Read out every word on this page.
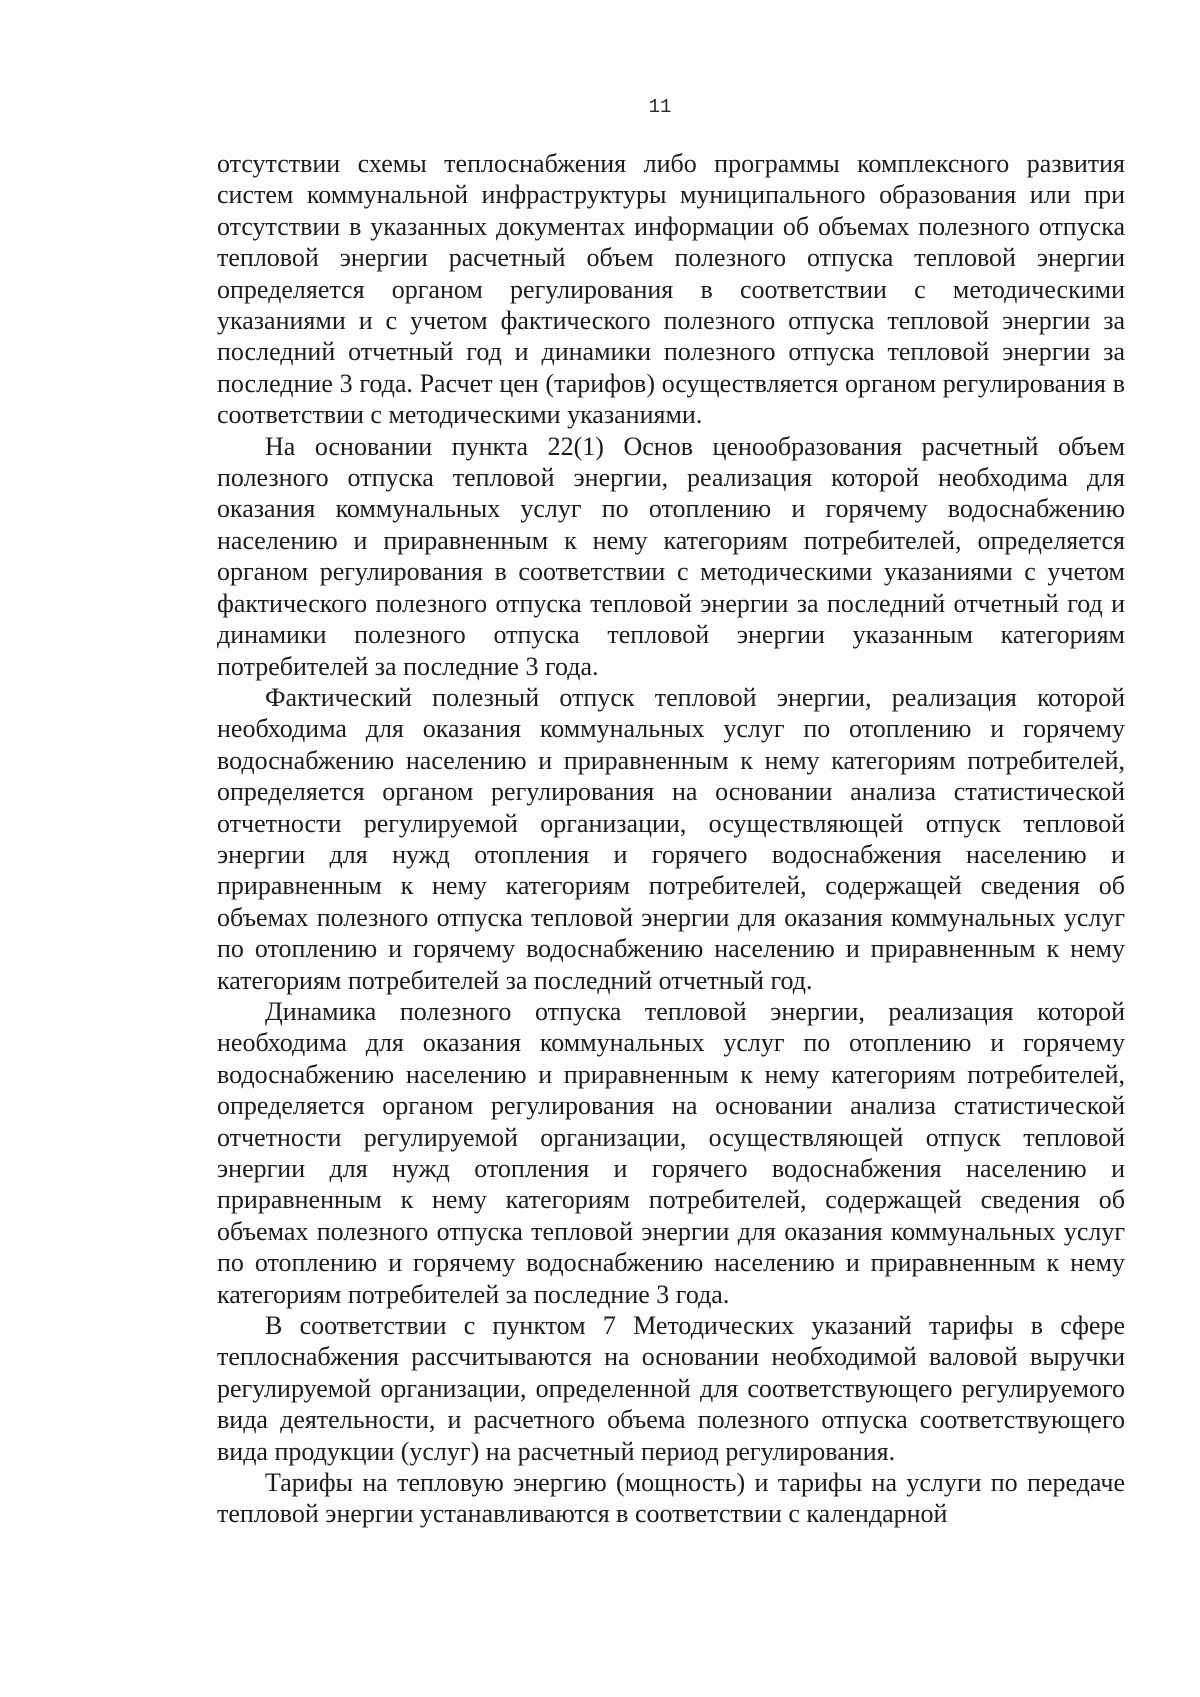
11

отсутствии схемы теплоснабжения либо программы комплексного развития систем коммунальной инфраструктуры муниципального образования или при отсутствии в указанных документах информации об объемах полезного отпуска тепловой энергии расчетный объем полезного отпуска тепловой энергии определяется органом регулирования в соответствии с методическими указаниями и с учетом фактического полезного отпуска тепловой энергии за последний отчетный год и динамики полезного отпуска тепловой энергии за последние 3 года. Расчет цен (тарифов) осуществляется органом регулирования в соответствии с методическими указаниями.

На основании пункта 22(1) Основ ценообразования расчетный объем полезного отпуска тепловой энергии, реализация которой необходима для оказания коммунальных услуг по отоплению и горячему водоснабжению населению и приравненным к нему категориям потребителей, определяется органом регулирования в соответствии с методическими указаниями с учетом фактического полезного отпуска тепловой энергии за последний отчетный год и динамики полезного отпуска тепловой энергии указанным категориям потребителей за последние 3 года.

Фактический полезный отпуск тепловой энергии, реализация которой необходима для оказания коммунальных услуг по отоплению и горячему водоснабжению населению и приравненным к нему категориям потребителей, определяется органом регулирования на основании анализа статистической отчетности регулируемой организации, осуществляющей отпуск тепловой энергии для нужд отопления и горячего водоснабжения населению и приравненным к нему категориям потребителей, содержащей сведения об объемах полезного отпуска тепловой энергии для оказания коммунальных услуг по отоплению и горячему водоснабжению населению и приравненным к нему категориям потребителей за последний отчетный год.

Динамика полезного отпуска тепловой энергии, реализация которой необходима для оказания коммунальных услуг по отоплению и горячему водоснабжению населению и приравненным к нему категориям потребителей, определяется органом регулирования на основании анализа статистической отчетности регулируемой организации, осуществляющей отпуск тепловой энергии для нужд отопления и горячего водоснабжения населению и приравненным к нему категориям потребителей, содержащей сведения об объемах полезного отпуска тепловой энергии для оказания коммунальных услуг по отоплению и горячему водоснабжению населению и приравненным к нему категориям потребителей за последние 3 года.

В соответствии с пунктом 7 Методических указаний тарифы в сфере теплоснабжения рассчитываются на основании необходимой валовой выручки регулируемой организации, определенной для соответствующего регулируемого вида деятельности, и расчетного объема полезного отпуска соответствующего вида продукции (услуг) на расчетный период регулирования.

Тарифы на тепловую энергию (мощность) и тарифы на услуги по передаче тепловой энергии устанавливаются в соответствии с календарной
